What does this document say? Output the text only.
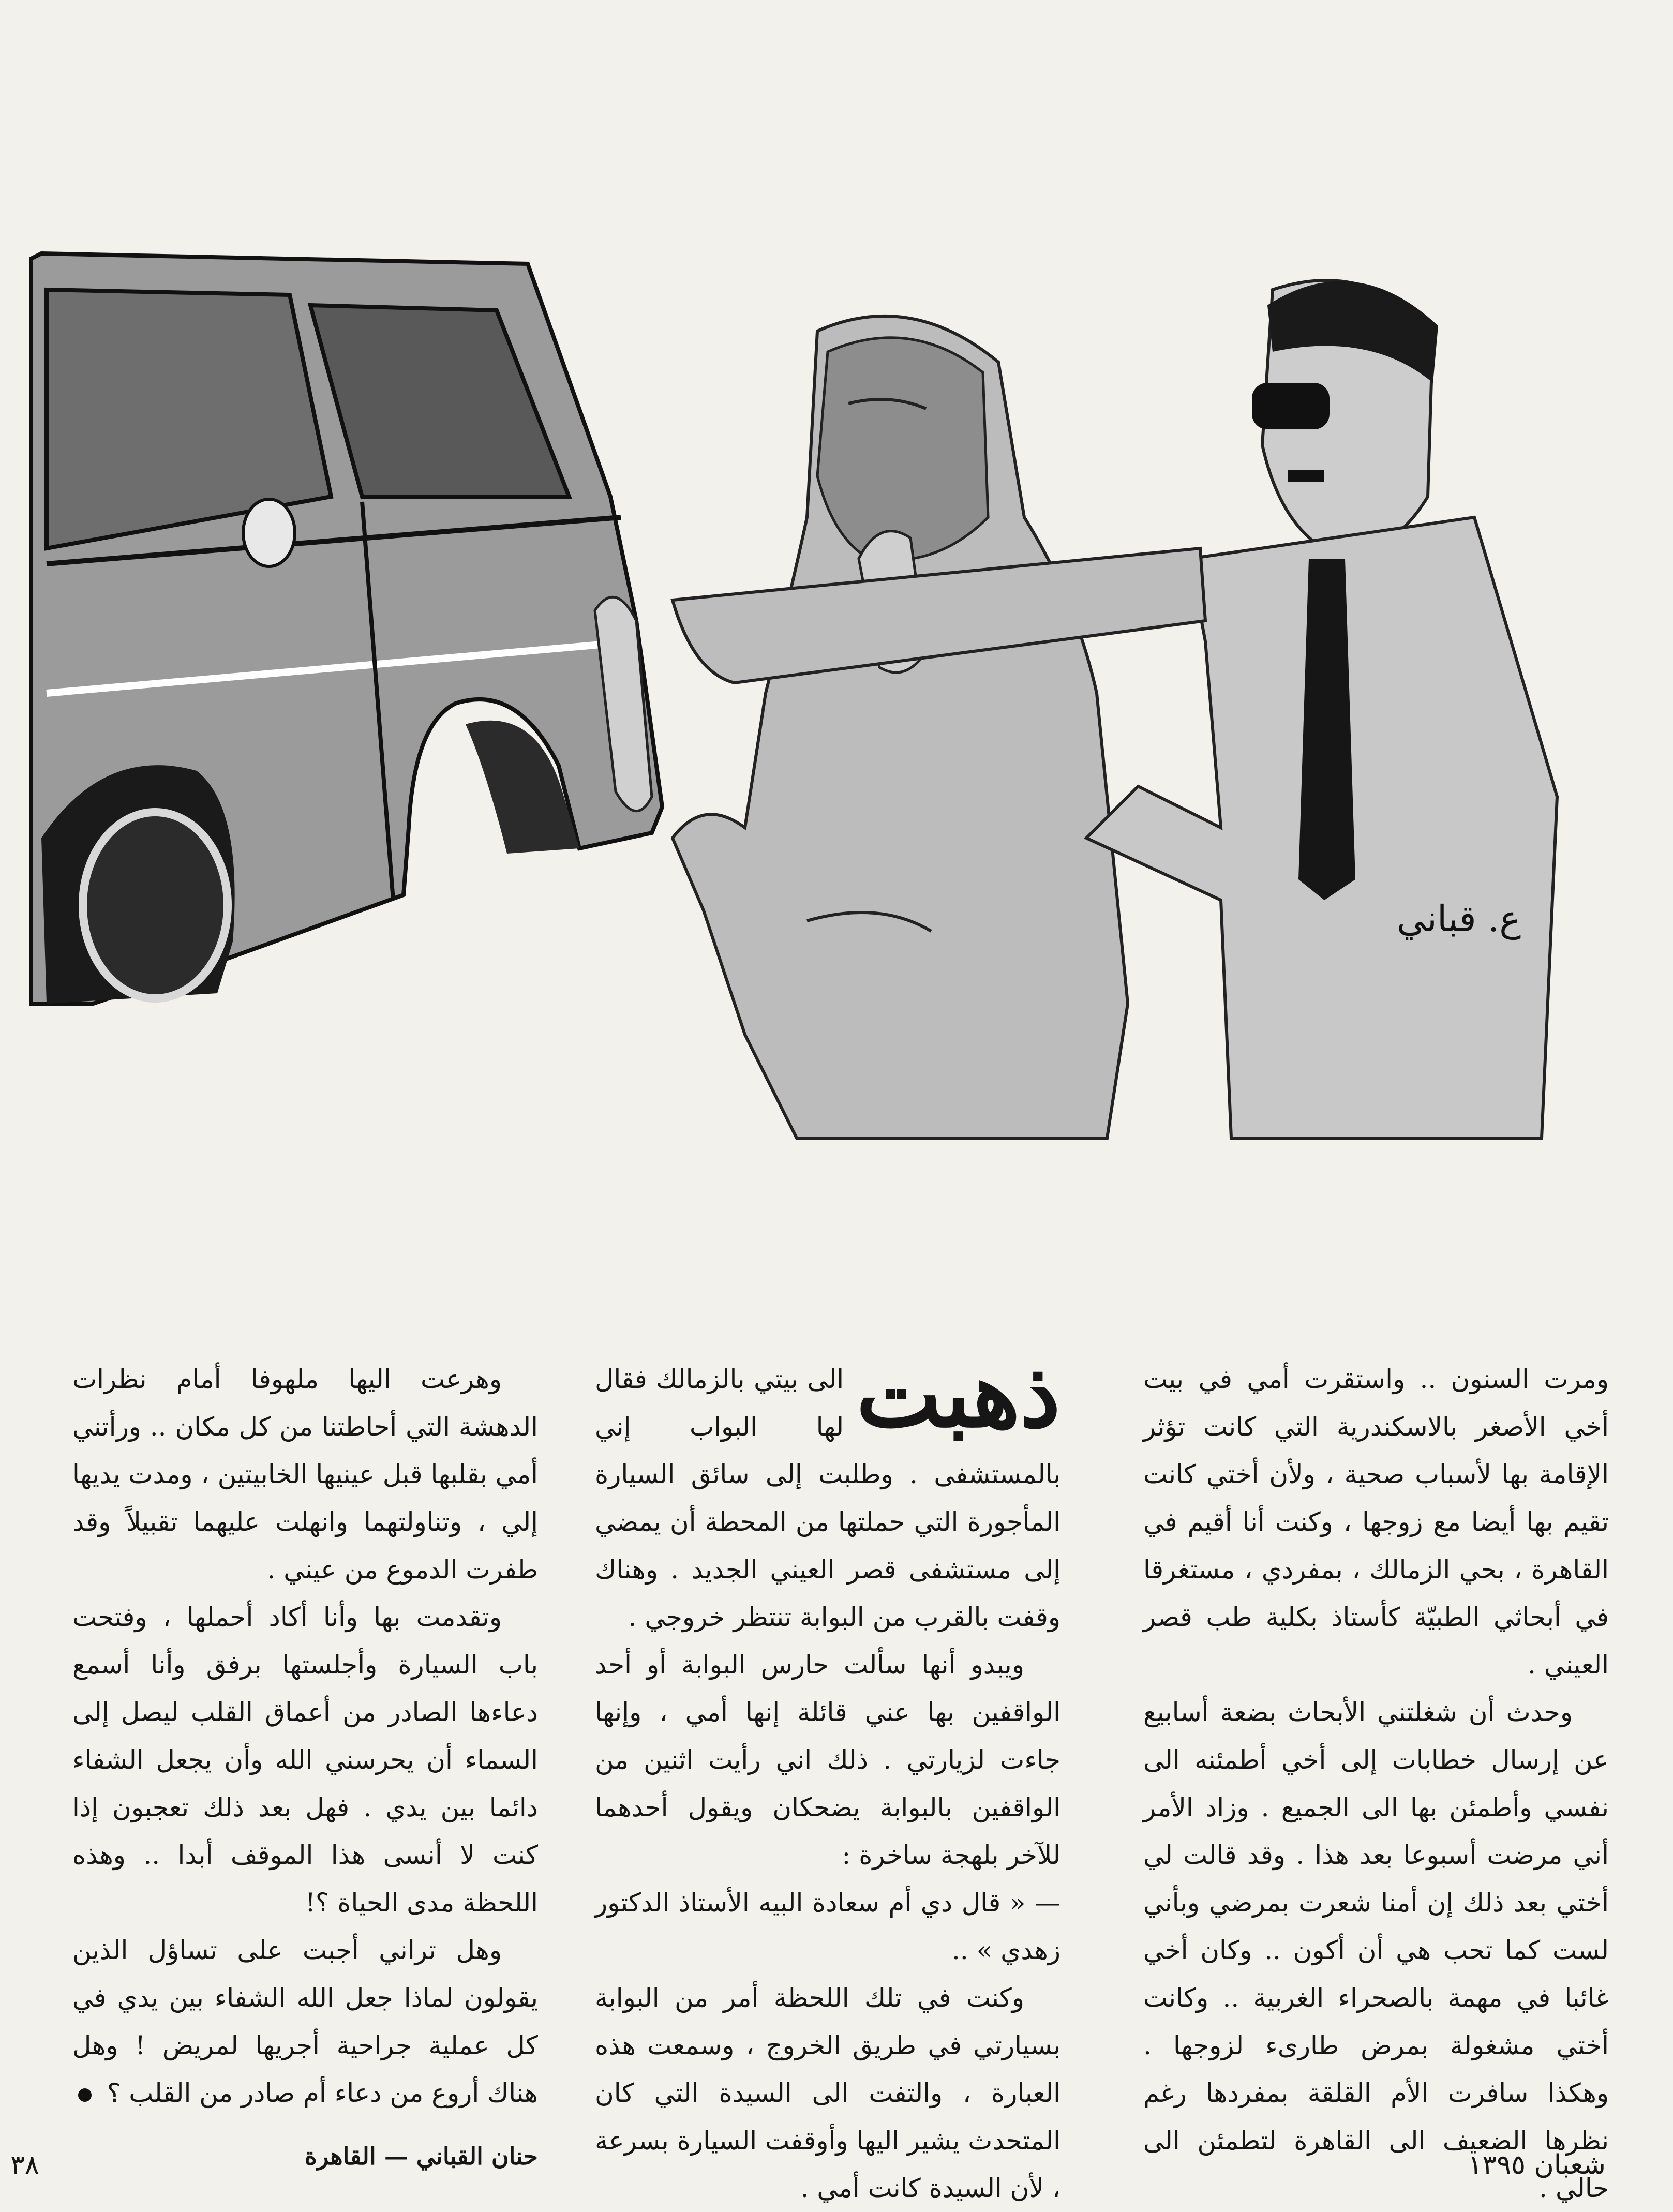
ع. قباني

ومرت السنون .. واستقرت أمي في بيت أخي الأصغر بالاسكندرية التي كانت تؤثر الإقامة بها لأسباب صحية ، ولأن أختي كانت تقيم بها أيضا مع زوجها ، وكنت أنا أقيم في القاهرة ، بحي الزمالك ، بمفردي ، مستغرقا في أبحاثي الطبيّة كأستاذ بكلية طب قصر العيني .

وحدث أن شغلتني الأبحاث بضعة أسابيع عن إرسال خطابات إلى أخي أطمئنه الى نفسي وأطمئن بها الى الجميع . وزاد الأمر أني مرضت أسبوعا بعد هذا . وقد قالت لي أختي بعد ذلك إن أمنا شعرت بمرضي وبأني لست كما تحب هي أن أكون .. وكان أخي غائبا في مهمة بالصحراء الغربية .. وكانت أختي مشغولة بمرض طارىء لزوجها . وهكذا سافرت الأم القلقة بمفردها رغم نظرها الضعيف الى القاهرة لتطمئن الى حالي .

ذهبت

الى بيتي بالزمالك فقال لها البواب إني بالمستشفى . وطلبت إلى سائق السيارة المأجورة التي حملتها من المحطة أن يمضي إلى مستشفى قصر العيني الجديد . وهناك وقفت بالقرب من البوابة تنتظر خروجي .

ويبدو أنها سألت حارس البوابة أو أحد الواقفين بها عني قائلة إنها أمي ، وإنها جاءت لزيارتي . ذلك اني رأيت اثنين من الواقفين بالبوابة يضحكان ويقول أحدهما للآخر بلهجة ساخرة :

— « قال دي أم سعادة البيه الأستاذ الدكتور زهدي » ..

وكنت في تلك اللحظة أمر من البوابة بسيارتي في طريق الخروج ، وسمعت هذه العبارة ، والتفت الى السيدة التي كان المتحدث يشير اليها وأوقفت السيارة بسرعة ، لأن السيدة كانت أمي .

وهرعت اليها ملهوفا أمام نظرات الدهشة التي أحاطتنا من كل مكان .. ورأتني أمي بقلبها قبل عينيها الخابيتين ، ومدت يديها إلي ، وتناولتهما وانهلت عليهما تقبيلاً وقد طفرت الدموع من عيني .

وتقدمت بها وأنا أكاد أحملها ، وفتحت باب السيارة وأجلستها برفق وأنا أسمع دعاءها الصادر من أعماق القلب ليصل إلى السماء أن يحرسني الله وأن يجعل الشفاء دائما بين يدي . فهل بعد ذلك تعجبون إذا كنت لا أنسى هذا الموقف أبدا .. وهذه اللحظة مدى الحياة ؟!

وهل تراني أجبت على تساؤل الذين يقولون لماذا جعل الله الشفاء بين يدي في كل عملية جراحية أجريها لمريض ! وهل هناك أروع من دعاء أم صادر من القلب ؟

حنان القباني — القاهرة

٣٨	شعبان ١٣٩٥
